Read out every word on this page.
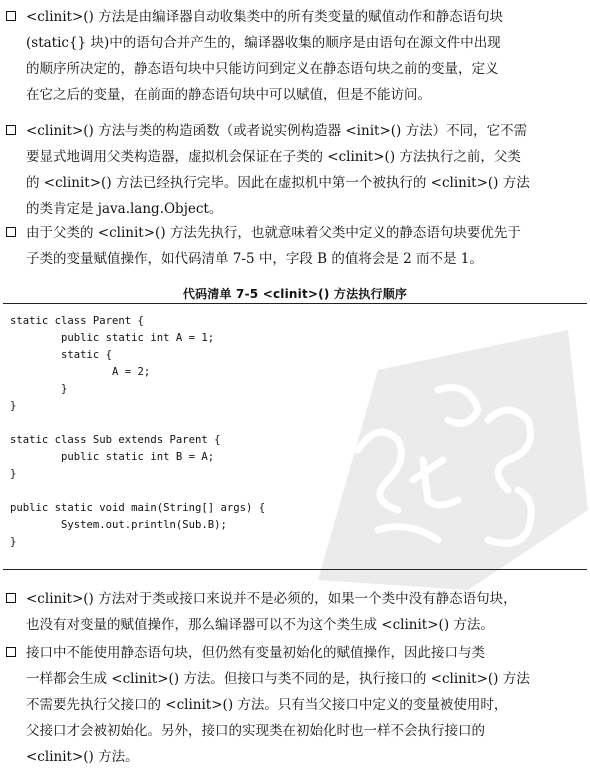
<clinit>() 方法是由编译器自动收集类中的所有类变量的赋值动作和静态语句块
(static{} 块)中的语句合并产生的，编译器收集的顺序是由语句在源文件中出现
的顺序所决定的，静态语句块中只能访问到定义在静态语句块之前的变量，定义
在它之后的变量，在前面的静态语句块中可以赋值，但是不能访问。
<clinit>() 方法与类的构造函数（或者说实例构造器 <init>() 方法）不同，它不需
要显式地调用父类构造器，虚拟机会保证在子类的 <clinit>() 方法执行之前，父类
的 <clinit>() 方法已经执行完毕。因此在虚拟机中第一个被执行的 <clinit>() 方法
的类肯定是 java.lang.Object。
由于父类的 <clinit>() 方法先执行，也就意味着父类中定义的静态语句块要优先于
子类的变量赋值操作，如代码清单 7-5 中，字段 B 的值将会是 2 而不是 1。
代码清单 7-5 <clinit>() 方法执行顺序
static class Parent {
public static int A = 1;
static {
A = 2;
}
}
static class Sub extends Parent {
public static int B = A;
}
public static void main(String[] args) {
System.out.println(Sub.B);
}
<clinit>() 方法对于类或接口来说并不是必须的，如果一个类中没有静态语句块，
也没有对变量的赋值操作，那么编译器可以不为这个类生成 <clinit>() 方法。
接口中不能使用静态语句块，但仍然有变量初始化的赋值操作，因此接口与类
一样都会生成 <clinit>() 方法。但接口与类不同的是，执行接口的 <clinit>() 方法
不需要先执行父接口的 <clinit>() 方法。只有当父接口中定义的变量被使用时，
父接口才会被初始化。另外，接口的实现类在初始化时也一样不会执行接口的
<clinit>() 方法。
